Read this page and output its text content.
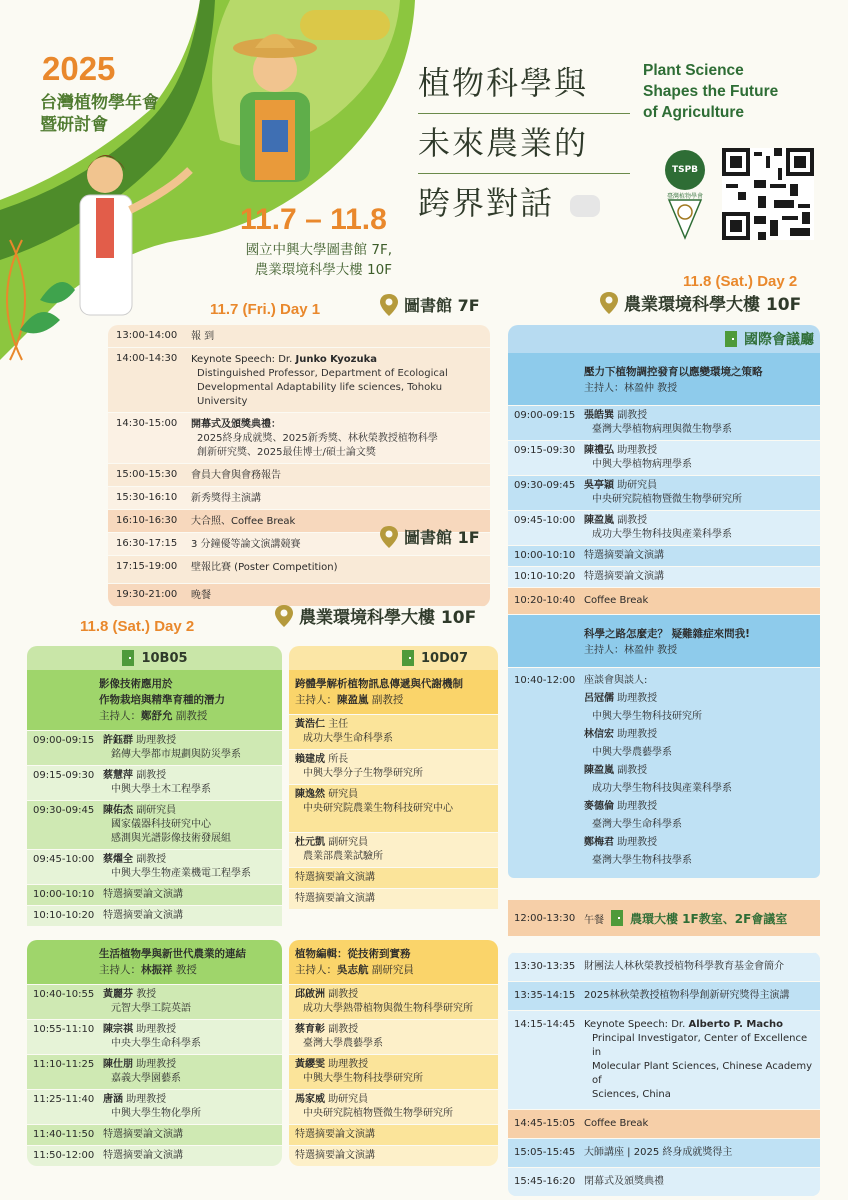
2025
台灣植物學年會
暨研討會
11.7 – 11.8
國立中興大學圖書館 7F,
農業環境科學大樓 10F
植物科學與
未來農業的
跨界對話
Plant Science
Shapes the Future
of Agriculture
TSPB
臺灣植物學會
11.7 (Fri.) Day 1	圖書館 7F
13:00-14:00	報 到
14:00-14:30	Keynote Speech: Dr. Junko Kyozuka
Distinguished Professor, Department of Ecological
Developmental Adaptability life sciences, Tohoku University
14:30-15:00	開幕式及頒獎典禮：
2025終身成就獎、2025新秀獎、林秋榮教授植物科學
創新研究獎、2025最佳博士/碩士論文獎
15:00-15:30	會員大會與會務報告
15:30-16:10	新秀獎得主演講
16:10-16:30	大合照、Coffee Break
16:30-17:15	3 分鐘優等論文演講競賽
17:15-19:00	壁報比賽 (Poster Competition)
19:30-21:00	晚餐
圖書館 1F
11.8 (Sat.) Day 2	農業環境科學大樓 10F
10B05
影像技術應用於
作物栽培與精準育種的潛力
主持人：鄭舒允 副教授
09:00-09:15 許鈺群 助理教授
銘傳大學都市規劃與防災學系
09:15-09:30 蔡慧萍 副教授
中興大學土木工程學系
09:30-09:45 陳佑杰 副研究員
國家儀器科技研究中心
感測與光譜影像技術發展組
09:45-10:00 蔡燿全 副教授
中興大學生物產業機電工程學系
10:00-10:10 特選摘要論文演講
10:10-10:20 特選摘要論文演講
生活植物學與新世代農業的連結
主持人：林振祥 教授
10:40-10:55 黃麗芬 教授
元智大學工院英語
10:55-11:10 陳宗祺 助理教授
中央大學生命科學系
11:10-11:25 陳仕朋 助理教授
嘉義大學園藝系
11:25-11:40 唐涵 助理教授
中興大學生物化學所
11:40-11:50 特選摘要論文演講
11:50-12:00 特選摘要論文演講
10D07
跨體學解析植物訊息傳遞與代謝機制
主持人：陳盈嵐 副教授
黃浩仁 主任
成功大學生命科學系
賴建成 所長
中興大學分子生物學研究所
陳逸然 研究員
中央研究院農業生物科技研究中心
杜元凱 副研究員
農業部農業試驗所
特選摘要論文演講
特選摘要論文演講
植物編輯：從技術到實務
主持人：吳志航 副研究員
邱啟洲 副教授
成功大學熱帶植物與微生物科學研究所
蔡育彰 副教授
臺灣大學農藝學系
黃纓雯 助理教授
中興大學生物科技學研究所
馬家威 助研究員
中央研究院植物暨微生物學研究所
特選摘要論文演講
特選摘要論文演講
11.8 (Sat.) Day 2
農業環境科學大樓 10F
國際會議廳
壓力下植物調控發育以應變環境之策略
主持人：林盈仲 教授
09:00-09:15 張皓巽 副教授
臺灣大學植物病理與微生物學系
09:15-09:30 陳禮弘 助理教授
中興大學植物病理學系
09:30-09:45 吳亭穎 助研究員
中央研究院植物暨微生物學研究所
09:45-10:00 陳盈嵐 副教授
成功大學生物科技與產業科學系
10:00-10:10 特選摘要論文演講
10:10-10:20 特選摘要論文演講
10:20-10:40 Coffee Break
科學之路怎麼走？ 疑難雜症來問我!
主持人：林盈仲 教授
10:40-12:00 座談會與談人:
呂冠儒 助理教授
中興大學生物科技研究所
林信宏 助理教授
中興大學農藝學系
陳盈嵐 副教授
成功大學生物科技與產業科學系
麥德倫 助理教授
臺灣大學生命科學系
鄭梅君 助理教授
臺灣大學生物科技學系
12:00-13:30 午餐 農環大樓 1F教室、2F會議室
13:30-13:35 財團法人林秋榮教授植物科學教育基金會簡介
13:35-14:15 2025林秋榮教授植物科學創新研究獎得主演講
14:15-14:45 Keynote Speech: Dr. Alberto P. Macho
Principal Investigator, Center of Excellence in
Molecular Plant Sciences, Chinese Academy of
Sciences, China
14:45-15:05 Coffee Break
15:05-15:45 大師講座 | 2025 終身成就獎得主
15:45-16:20 閉幕式及頒獎典禮
